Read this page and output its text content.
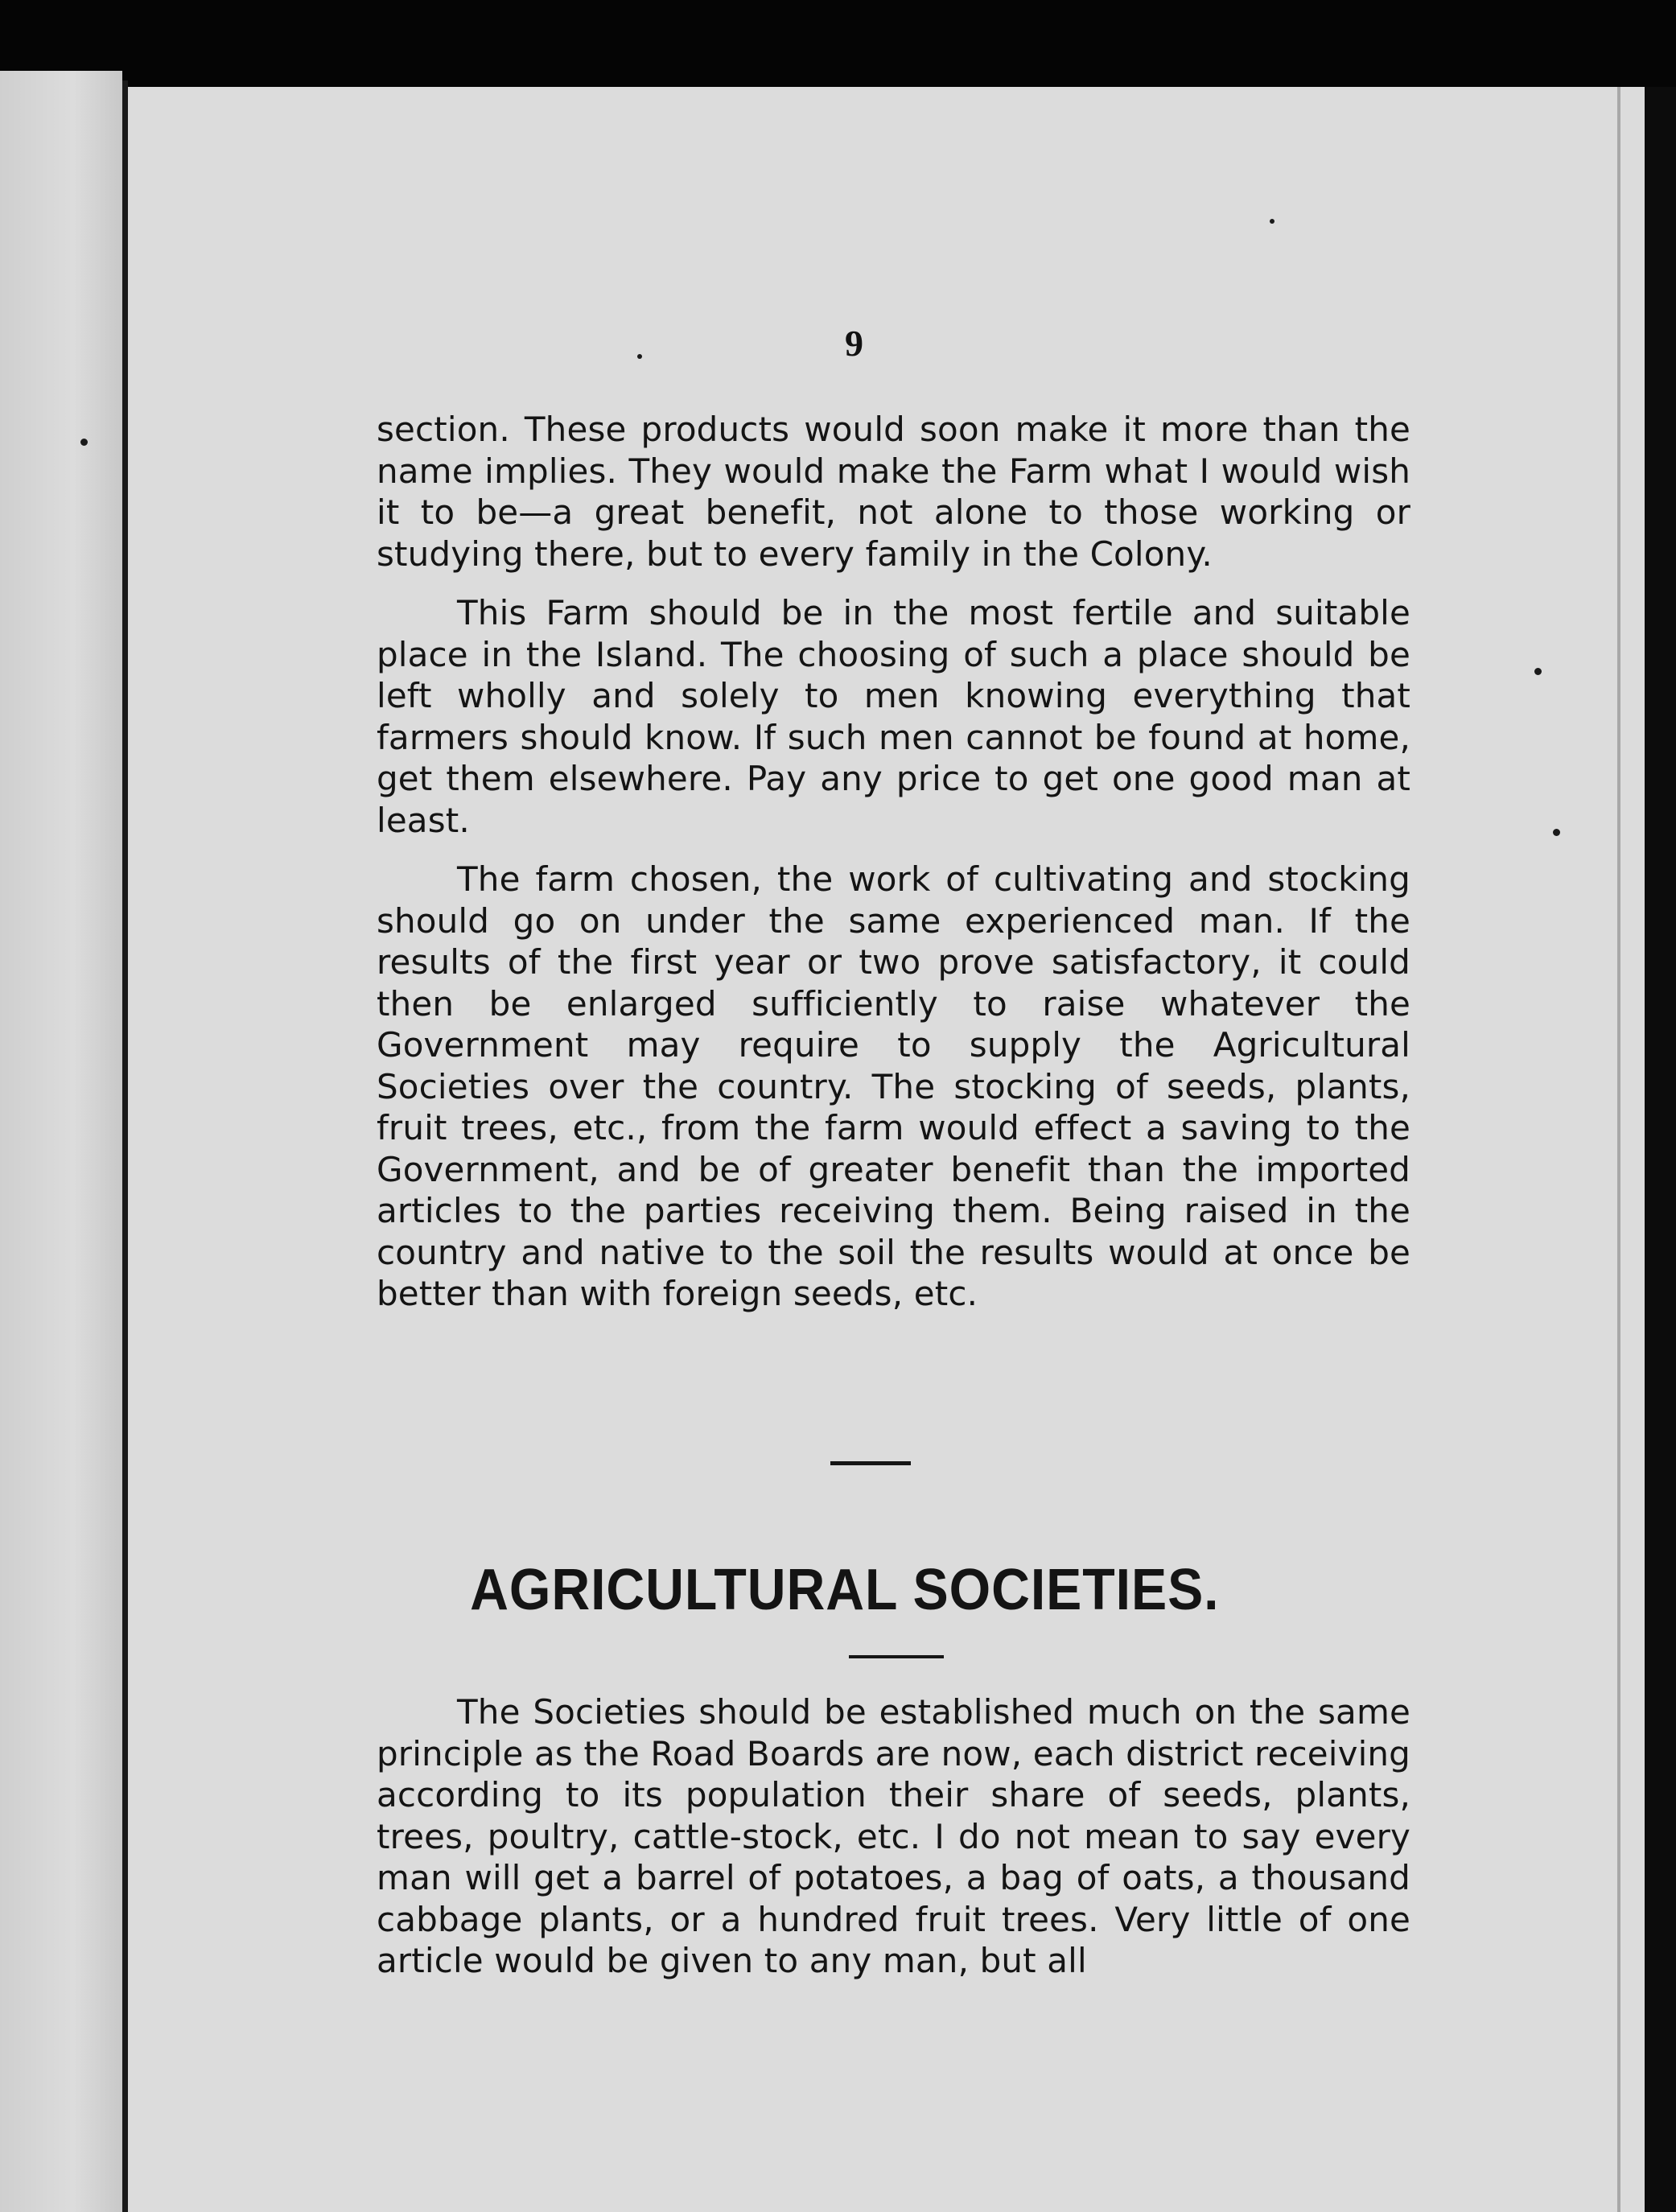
9

section. These products would soon make it more than the name implies. They would make the Farm what I would wish it to be—a great benefit, not alone to those working or studying there, but to every family in the Colony.

This Farm should be in the most fertile and suitable place in the Island. The choosing of such a place should be left wholly and solely to men knowing everything that farmers should know. If such men cannot be found at home, get them elsewhere. Pay any price to get one good man at least.

The farm chosen, the work of cultivating and stocking should go on under the same experienced man. If the results of the first year or two prove satisfactory, it could then be enlarged sufficiently to raise whatever the Government may require to supply the Agricultural Societies over the country. The stocking of seeds, plants, fruit trees, etc., from the farm would effect a saving to the Government, and be of greater benefit than the imported articles to the parties receiving them. Being raised in the country and native to the soil the results would at once be better than with foreign seeds, etc.

AGRICULTURAL SOCIETIES.

The Societies should be established much on the same principle as the Road Boards are now, each district receiving according to its population their share of seeds, plants, trees, poultry, cattle-stock, etc. I do not mean to say every man will get a barrel of potatoes, a bag of oats, a thousand cabbage plants, or a hundred fruit trees. Very little of one article would be given to any man, but all
